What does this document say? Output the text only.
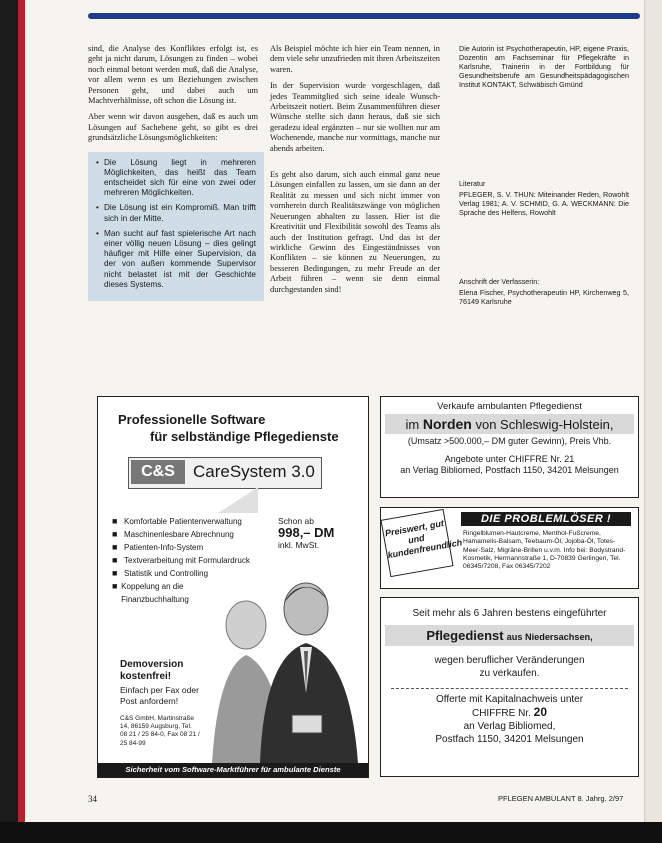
sind, die Analyse des Konfliktes erfolgt ist, es geht ja nicht darum, Lösungen zu finden – wobei noch einmal betont werden muß, daß die Analyse, vor allem wenn es um Beziehungen zwischen Personen geht, und dabei auch um Machtverhältnisse, oft schon die Lösung ist.

Aber wenn wir davon ausgehen, daß es auch um Lösungen auf Sachebene geht, so gibt es drei grundsätzliche Lösungsmöglichkeiten:

• Die Lösung liegt in mehreren Möglichkeiten, das heißt das Team entscheidet sich für eine von zwei oder mehreren Möglichkeiten.
• Die Lösung ist ein Kompromiß. Man trifft sich in der Mitte.
• Man sucht auf fast spielerische Art nach einer völlig neuen Lösung – dies gelingt häufiger mit Hilfe einer Supervision, da der von außen kommende Supervisor nicht belastet ist mit der Geschichte dieses Systems.

Als Beispiel möchte ich hier ein Team nennen, in dem viele sehr unzufrieden mit ihren Arbeitszeiten waren.

In der Supervision wurde vorgeschlagen, daß jedes Teammitglied sich seine ideale Wunsch-Arbeitszeit notiert. Beim Zusammenführen dieser Wünsche stellte sich dann heraus, daß sie sich geradezu ideal ergänzten – nur sie wollten nur am Wochenende, manche nur vormittags, manche nur abends arbeiten.

Es geht also darum, sich auch einmal ganz neue Lösungen einfallen zu lassen, um sie dann an der Realität zu messen und sich nicht immer von vornherein durch Realitätszwänge von möglichen Neuerungen abhalten zu lassen. Hier ist die Kreativität und Flexibilität sowohl des Teams als auch der Institution gefragt. Und das ist der wirkliche Gewinn des Eingeständnisses von Konflikten – sie können zu Neuerungen, zu besseren Bedingungen, zu mehr Freude an der Arbeit führen – wenn sie denn einmal durchgestanden sind!

Die Autorin ist Psychotherapeutin, HP, eigene Praxis, Dozentin am Fachseminar für Pflegekräfte in Karlsruhe, Trainerin in der Fortbildung für Gesundheitsberufe am Gesundheitspädagogischen Institut KONTAKT, Schwäbisch Gmünd

Literatur

PFLEGER, S. V. THUN: Miteinander Reden, Rowohlt Verlag 1981; A. V. SCHMID, G. A. WECKMANN: Die Sprache des Helfens, Rowohlt

Anschrift der Verfasserin:

Elena Fischer, Psychotherapeutin HP, Kirchenweg 5, 76149 Karlsruhe

Professionelle Software
für selbständige Pflegedienste
C&S	CareSystem 3.0
■ Komfortable Patientenverwaltung
■ Maschinenlesbare Abrechnung
■ Patienten-Info-System
■ Textverarbeitung mit Formulardruck
■ Statistik und Controlling
■ Koppelung an die Finanzbuchhaltung
Schon ab
998,– DM
inkl. MwSt.
Demoversion kostenfrei!
Einfach per Fax oder Post anfordern!
C&S GmbH, Martinstraße 14, 86159 Augsburg, Tel. 08 21 / 25 84-0, Fax 08 21 / 25 84-99
Sicherheit vom Software-Marktführer für ambulante Dienste
Verkaufe ambulanten Pflegedienst
im Norden von Schleswig-Holstein,
(Umsatz >500.000,– DM guter Gewinn), Preis Vhb.
Angebote unter CHIFFRE Nr. 21
an Verlag Bibliomed, Postfach 1150, 34201 Melsungen
Preiswert, gut und kundenfreundlich
DIE PROBLEMLÖSER !
Ringelblumen-Hautcreme, Menthol-Fußcreme, Hamamelis-Balsam, Teebaum-Öl, Jojoba-Öl, Totes-Meer-Salz, Migräne-Brillen u.v.m. Info bei: Bodystrand-Kosmetik, Hermannstraße 1, D-70839 Gerlingen, Tel. 06345/7208, Fax 06345/7202
Seit mehr als 6 Jahren bestens eingeführter
Pflegedienst aus Niedersachsen,
wegen beruflicher Veränderungen
zu verkaufen.
Offerte mit Kapitalnachweis unter
CHIFFRE Nr. 20
an Verlag Bibliomed,
Postfach 1150, 34201 Melsungen
34	PFLEGEN AMBULANT 8. Jahrg. 2/97
